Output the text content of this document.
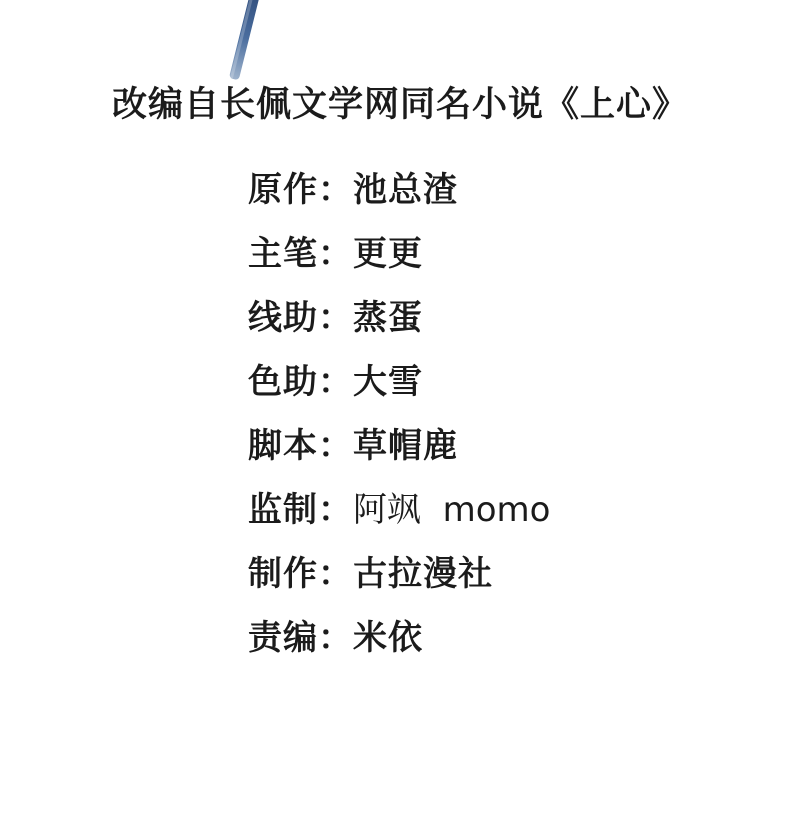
改编自长佩文学网同名小说《上心》
原作 ： 池总渣
主笔 ： 更更
线助 ： 蒸蛋
色助 ： 大雪
脚本 ： 草帽鹿
监制 ： 阿飒  momo
制作 ： 古拉漫社
责编 ： 米依
